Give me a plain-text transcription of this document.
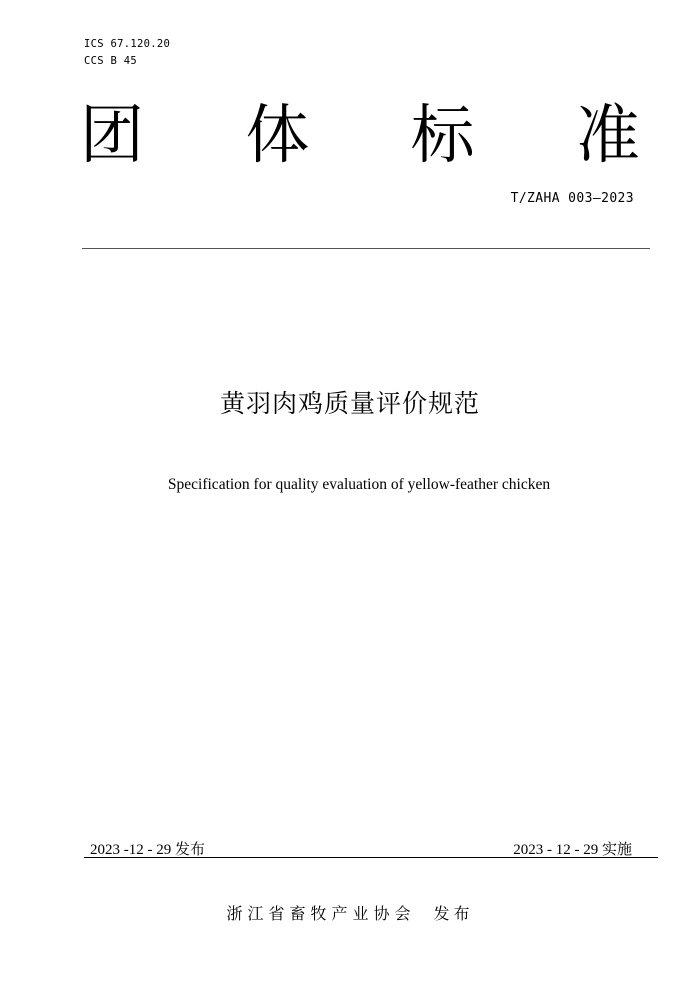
ICS 67.120.20
CCS B 45
团 体 标 准
T/ZAHA 003—2023
黄羽肉鸡质量评价规范
Specification for quality evaluation of yellow-feather chicken
2023 -12 - 29 发布	2023 - 12 - 29 实施
浙江省畜牧产业协会 发布
